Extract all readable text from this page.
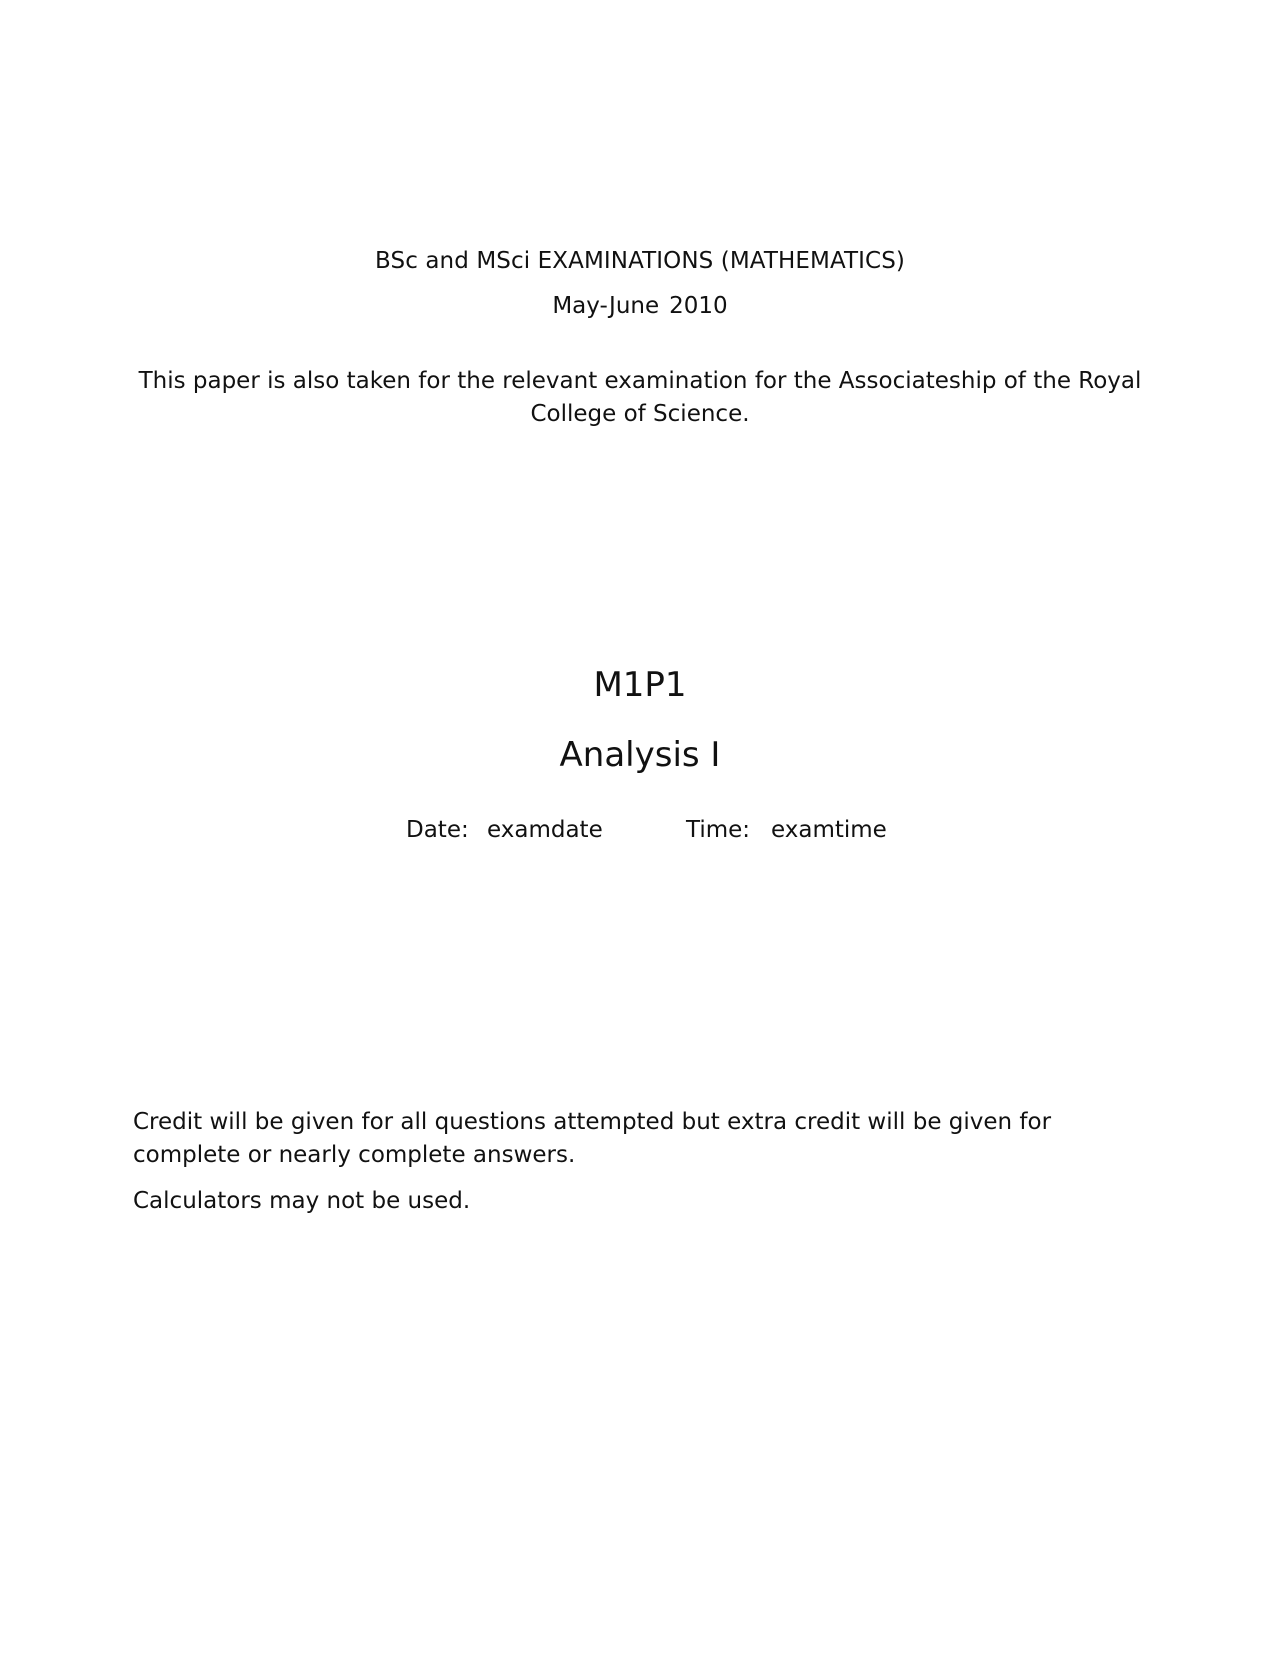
BSc and MSci EXAMINATIONS (MATHEMATICS)
May-June 2010
This paper is also taken for the relevant examination for the Associateship of the Royal College of Science.
M1P1
Analysis I
Date: examdate	Time: examtime

Credit will be given for all questions attempted but extra credit will be given for complete or nearly complete answers.

Calculators may not be used.
